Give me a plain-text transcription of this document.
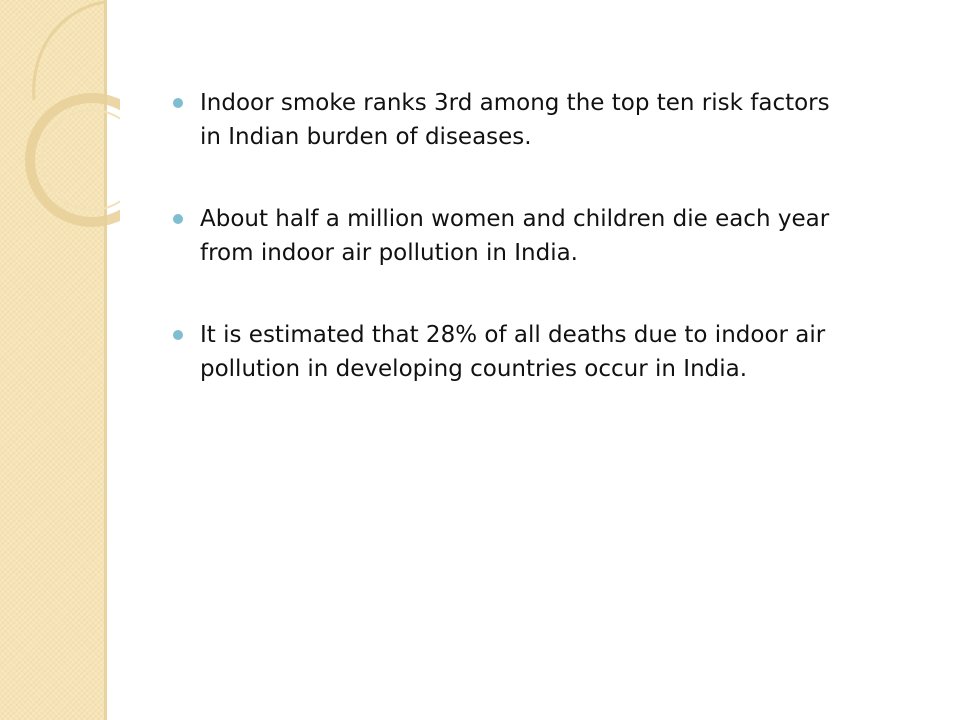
Indoor smoke ranks 3rd among the top ten risk factors
in Indian burden of diseases.
About half a million women and children die each year
from indoor air pollution in India.
It is estimated that 28% of all deaths due to indoor air
pollution in developing countries occur in India.
